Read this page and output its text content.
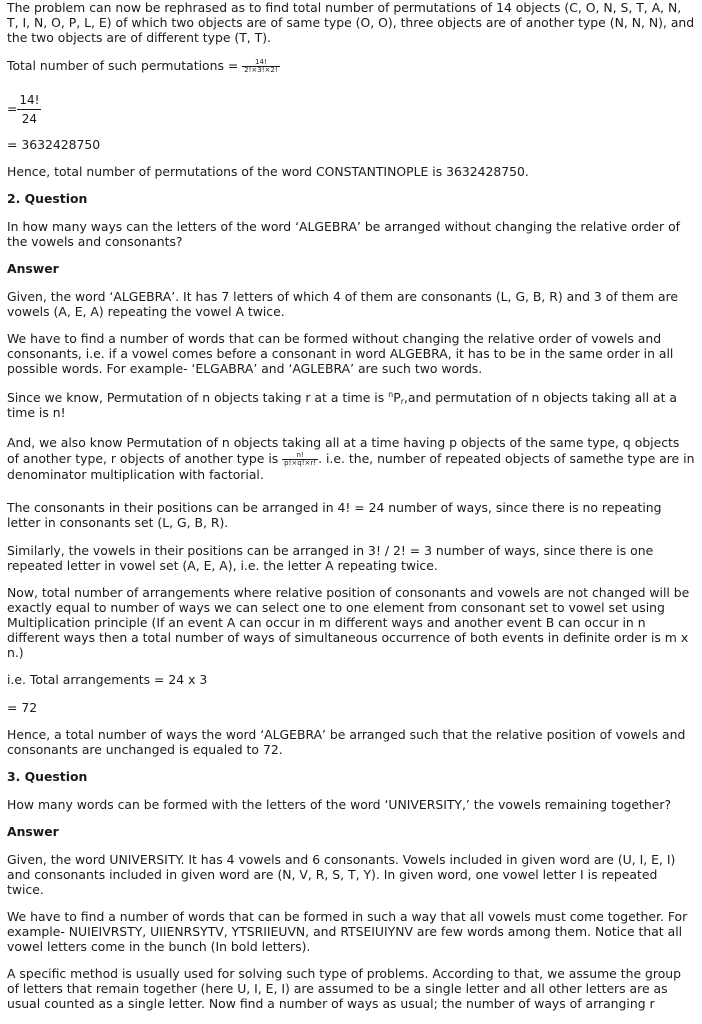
The problem can now be rephrased as to find total number of permutations of 14 objects (C, O, N, S, T, A, N, T, I, N, O, P, L, E) of which two objects are of same type (O, O), three objects are of another type (N, N, N), and the two objects are of different type (T, T).

Total number of such permutations = $\frac{14!}{2!\times 3!\times 2!}$
= $\frac{14!}{24}$

= 3632428750

Hence, total number of permutations of the word CONSTANTINOPLE is 3632428750.

2. Question

In how many ways can the letters of the word ‘ALGEBRA’ be arranged without changing the relative order of the vowels and consonants?

Answer

Given, the word ‘ALGEBRA’. It has 7 letters of which 4 of them are consonants (L, G, B, R) and 3 of them are vowels (A, E, A) repeating the vowel A twice.

We have to find a number of words that can be formed without changing the relative order of vowels and consonants, i.e. if a vowel comes before a consonant in word ALGEBRA, it has to be in the same order in all possible words. For example- ‘ELGABRA’ and ‘AGLEBRA’ are such two words.

Since we know, Permutation of n objects taking r at a time is $^nP_r,and$ permutation of n objects taking all at a time is n!

And, we also know Permutation of n objects taking all at a time having p objects of the same type, q objects of another type, r objects of another type is $\frac{n!}{p!\times q!\times r!}$ . i.e. the, number of repeated objects of samethe type are in denominator multiplication with factorial.

The consonants in their positions can be arranged in 4! = 24 number of ways, since there is no repeating letter in consonants set (L, G, B, R).

Similarly, the vowels in their positions can be arranged in 3! / 2! = 3 number of ways, since there is one repeated letter in vowel set (A, E, A), i.e. the letter A repeating twice.

Now, total number of arrangements where relative position of consonants and vowels are not changed will be exactly equal to number of ways we can select one to one element from consonant set to vowel set using Multiplication principle (If an event A can occur in m different ways and another event B can occur in n different ways then a total number of ways of simultaneous occurrence of both events in definite order is m x n.)

i.e. Total arrangements = 24 x 3

= 72

Hence, a total number of ways the word ‘ALGEBRA’ be arranged such that the relative position of vowels and consonants are unchanged is equaled to 72.

3. Question

How many words can be formed with the letters of the word ‘UNIVERSITY,’ the vowels remaining together?

Answer

Given, the word UNIVERSITY. It has 4 vowels and 6 consonants. Vowels included in given word are (U, I, E, I) and consonants included in given word are (N, V, R, S, T, Y). In given word, one vowel letter I is repeated twice.

We have to find a number of words that can be formed in such a way that all vowels must come together. For example- NUIEIVRSTY, UIIENRSYTV, YTSRIIEUVN, and RTSEIUIYNV are few words among them. Notice that all vowel letters come in the bunch (In bold letters).

A specific method is usually used for solving such type of problems. According to that, we assume the group of letters that remain together (here U, I, E, I) are assumed to be a single letter and all other letters are as usual counted as a single letter. Now find a number of ways as usual; the number of ways of arranging r
